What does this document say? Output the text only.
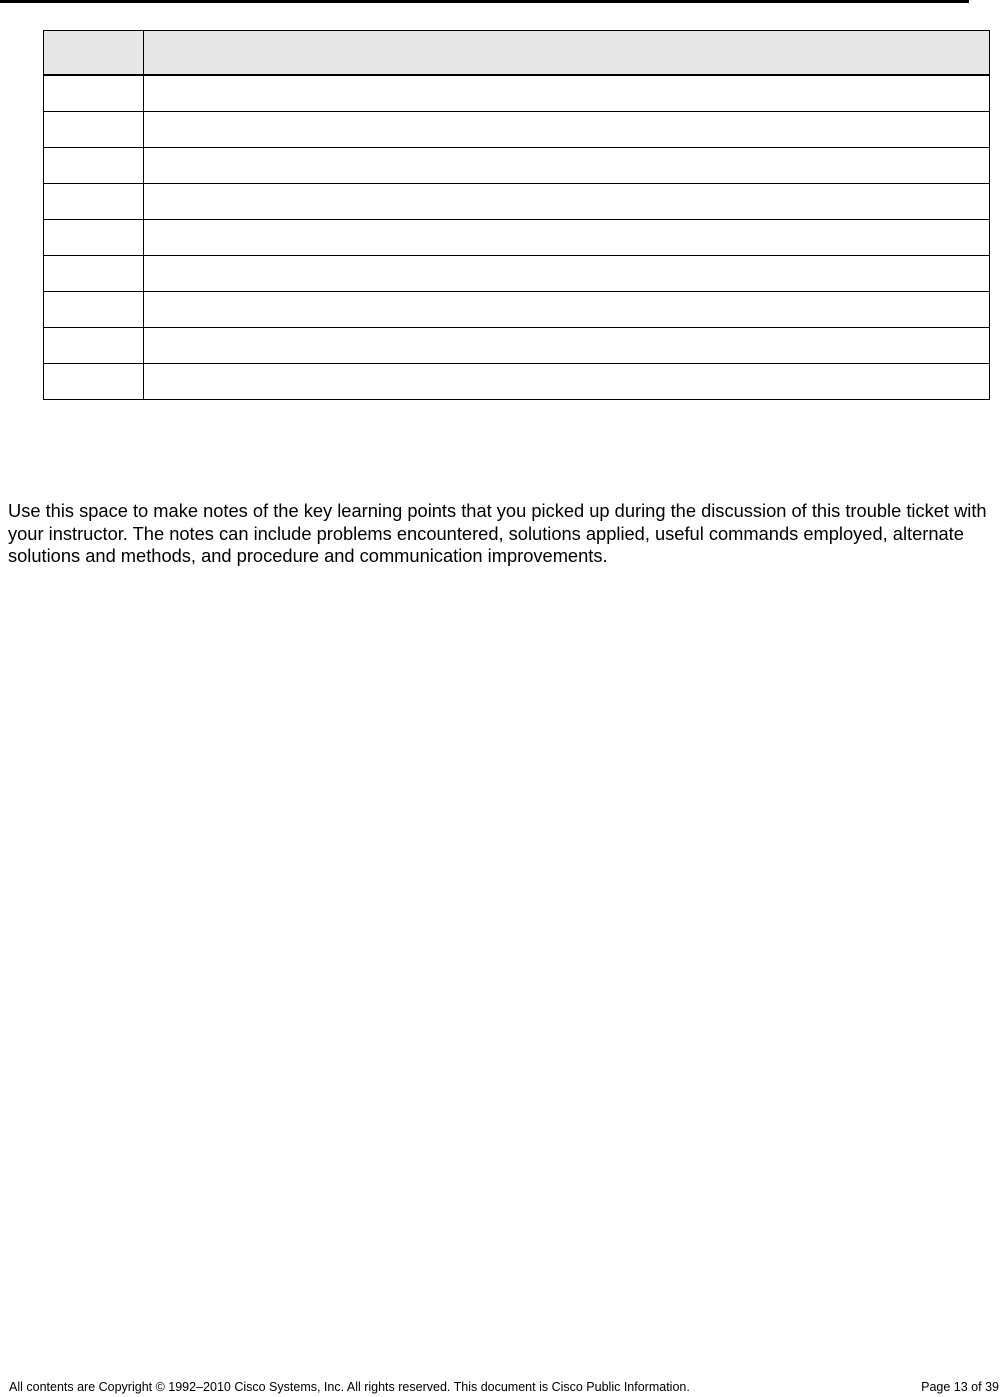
Use this space to make notes of the key learning points that you picked up during the discussion of this trouble ticket with your instructor. The notes can include problems encountered, solutions applied, useful commands employed, alternate solutions and methods, and procedure and communication improvements.

All contents are Copyright © 1992–2010 Cisco Systems, Inc. All rights reserved. This document is Cisco Public Information.	Page 13 of 39
